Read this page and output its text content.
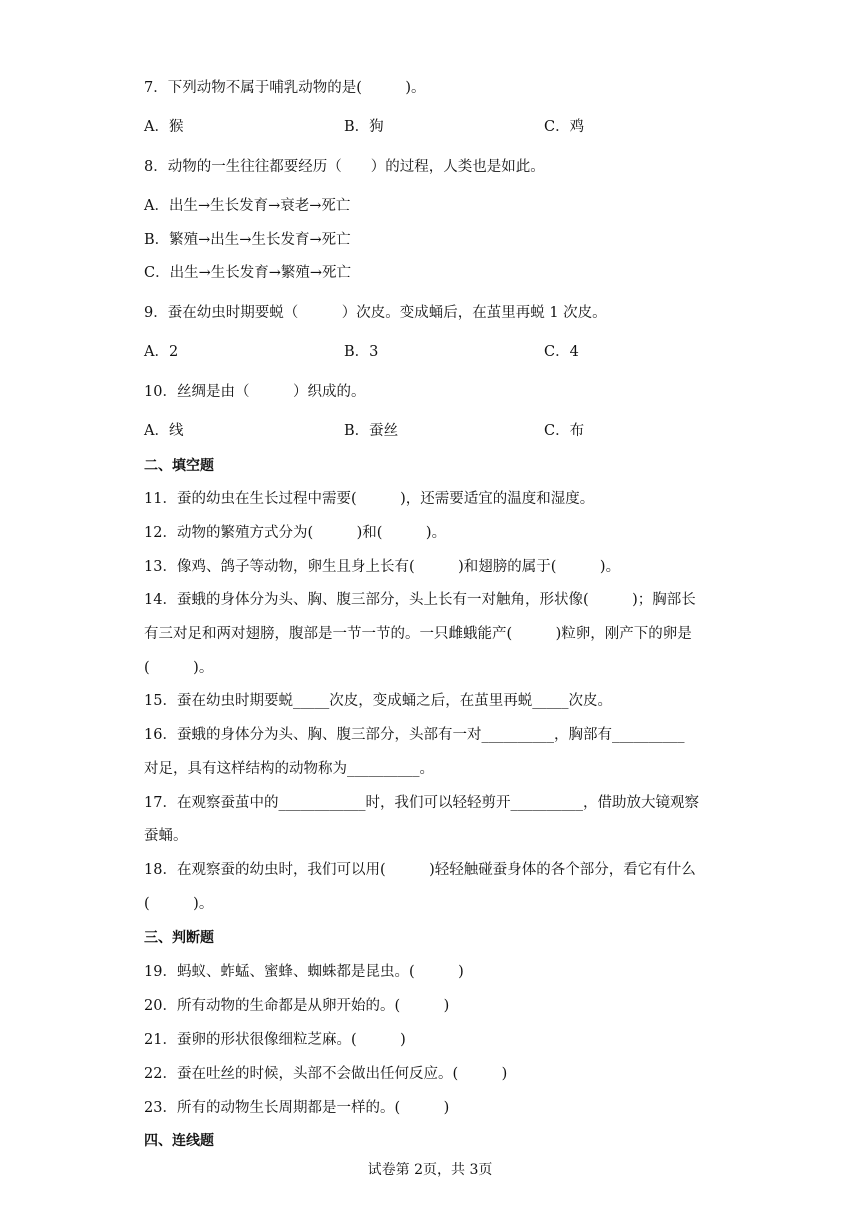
7．下列动物不属于哺乳动物的是(　　　)。
A．猴	B．狗	C．鸡
8．动物的一生往往都要经历（　　）的过程，人类也是如此。
A．出生→生长发育→衰老→死亡
B．繁殖→出生→生长发育→死亡
C．出生→生长发育→繁殖→死亡
9．蚕在幼虫时期要蜕（　　　）次皮。变成蛹后，在茧里再蜕 1 次皮。
A．2	B．3	C．4
10．丝绸是由（　　　）织成的。
A．线	B．蚕丝	C．布
二、填空题
11．蚕的幼虫在生长过程中需要(　　　)，还需要适宜的温度和湿度。
12．动物的繁殖方式分为(　　　)和(　　　)。
13．像鸡、鸽子等动物，卵生且身上长有(　　　)和翅膀的属于(　　　)。
14．蚕蛾的身体分为头、胸、腹三部分，头上长有一对触角，形状像(　　　)；胸部长
有三对足和两对翅膀，腹部是一节一节的。一只雌蛾能产(　　　)粒卵，刚产下的卵是
(　　　)。
15．蚕在幼虫时期要蜕_____次皮，变成蛹之后，在茧里再蜕_____次皮。
16．蚕蛾的身体分为头、胸、腹三部分，头部有一对__________，胸部有__________
对足，具有这样结构的动物称为__________。
17．在观察蚕茧中的____________时，我们可以轻轻剪开__________，借助放大镜观察
蚕蛹。
18．在观察蚕的幼虫时，我们可以用(　　　)轻轻触碰蚕身体的各个部分，看它有什么
(　　　)。
三、判断题
19．蚂蚁、蚱蜢、蜜蜂、蜘蛛都是昆虫。(　　　)
20．所有动物的生命都是从卵开始的。(　　　)
21．蚕卵的形状很像细粒芝麻。(　　　)
22．蚕在吐丝的时候，头部不会做出任何反应。(　　　)
23．所有的动物生长周期都是一样的。(　　　)
四、连线题
试卷第 2页，共 3页
